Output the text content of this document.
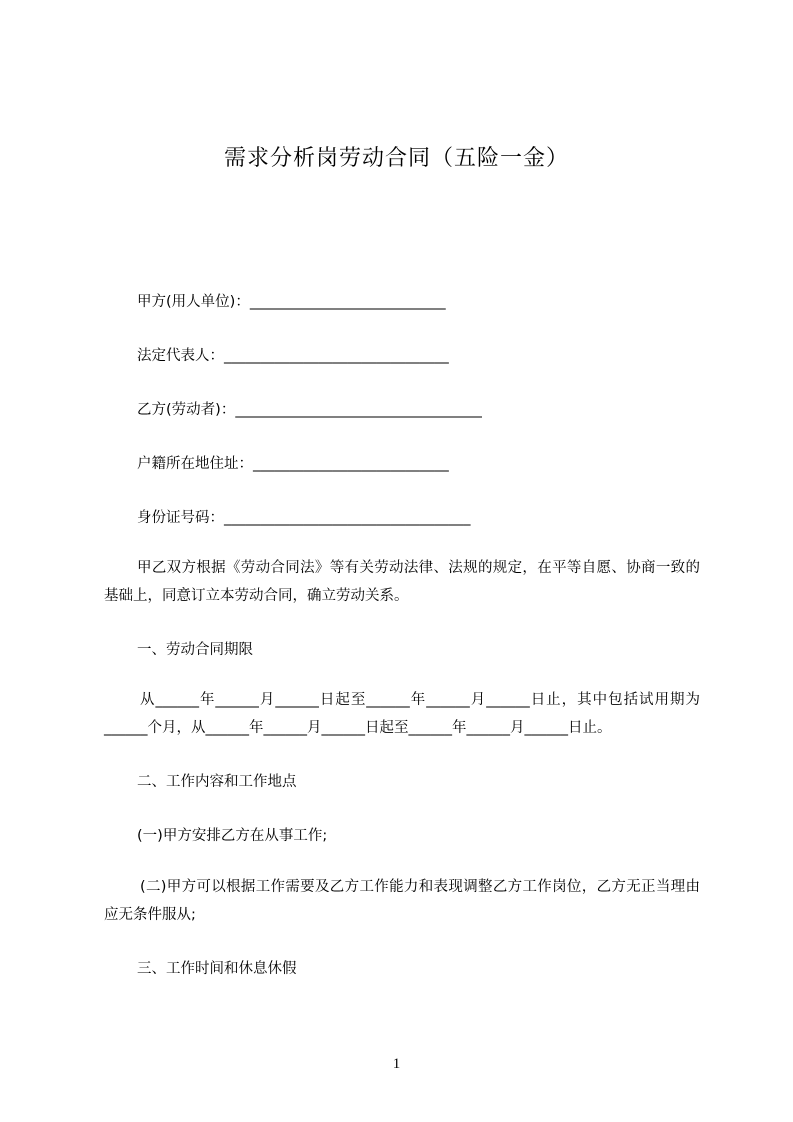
需求分析岗劳动合同（五险一金）
甲方(用人单位)：___________________________
法定代表人：_______________________________
乙方(劳动者)：__________________________________
户籍所在地住址：___________________________
身份证号码：__________________________________
甲乙双方根据《劳动合同法》等有关劳动法律、法规的规定，在平等自愿、协商一致的基础上，同意订立本劳动合同，确立劳动关系。
一、劳动合同期限
从______年______月______日起至______年______月______日止，其中包括试用期为______个月，从______年______月______日起至______年______月______日止。
二、工作内容和工作地点
(一)甲方安排乙方在从事工作;
(二)甲方可以根据工作需要及乙方工作能力和表现调整乙方工作岗位，乙方无正当理由应无条件服从;
三、工作时间和休息休假
1
